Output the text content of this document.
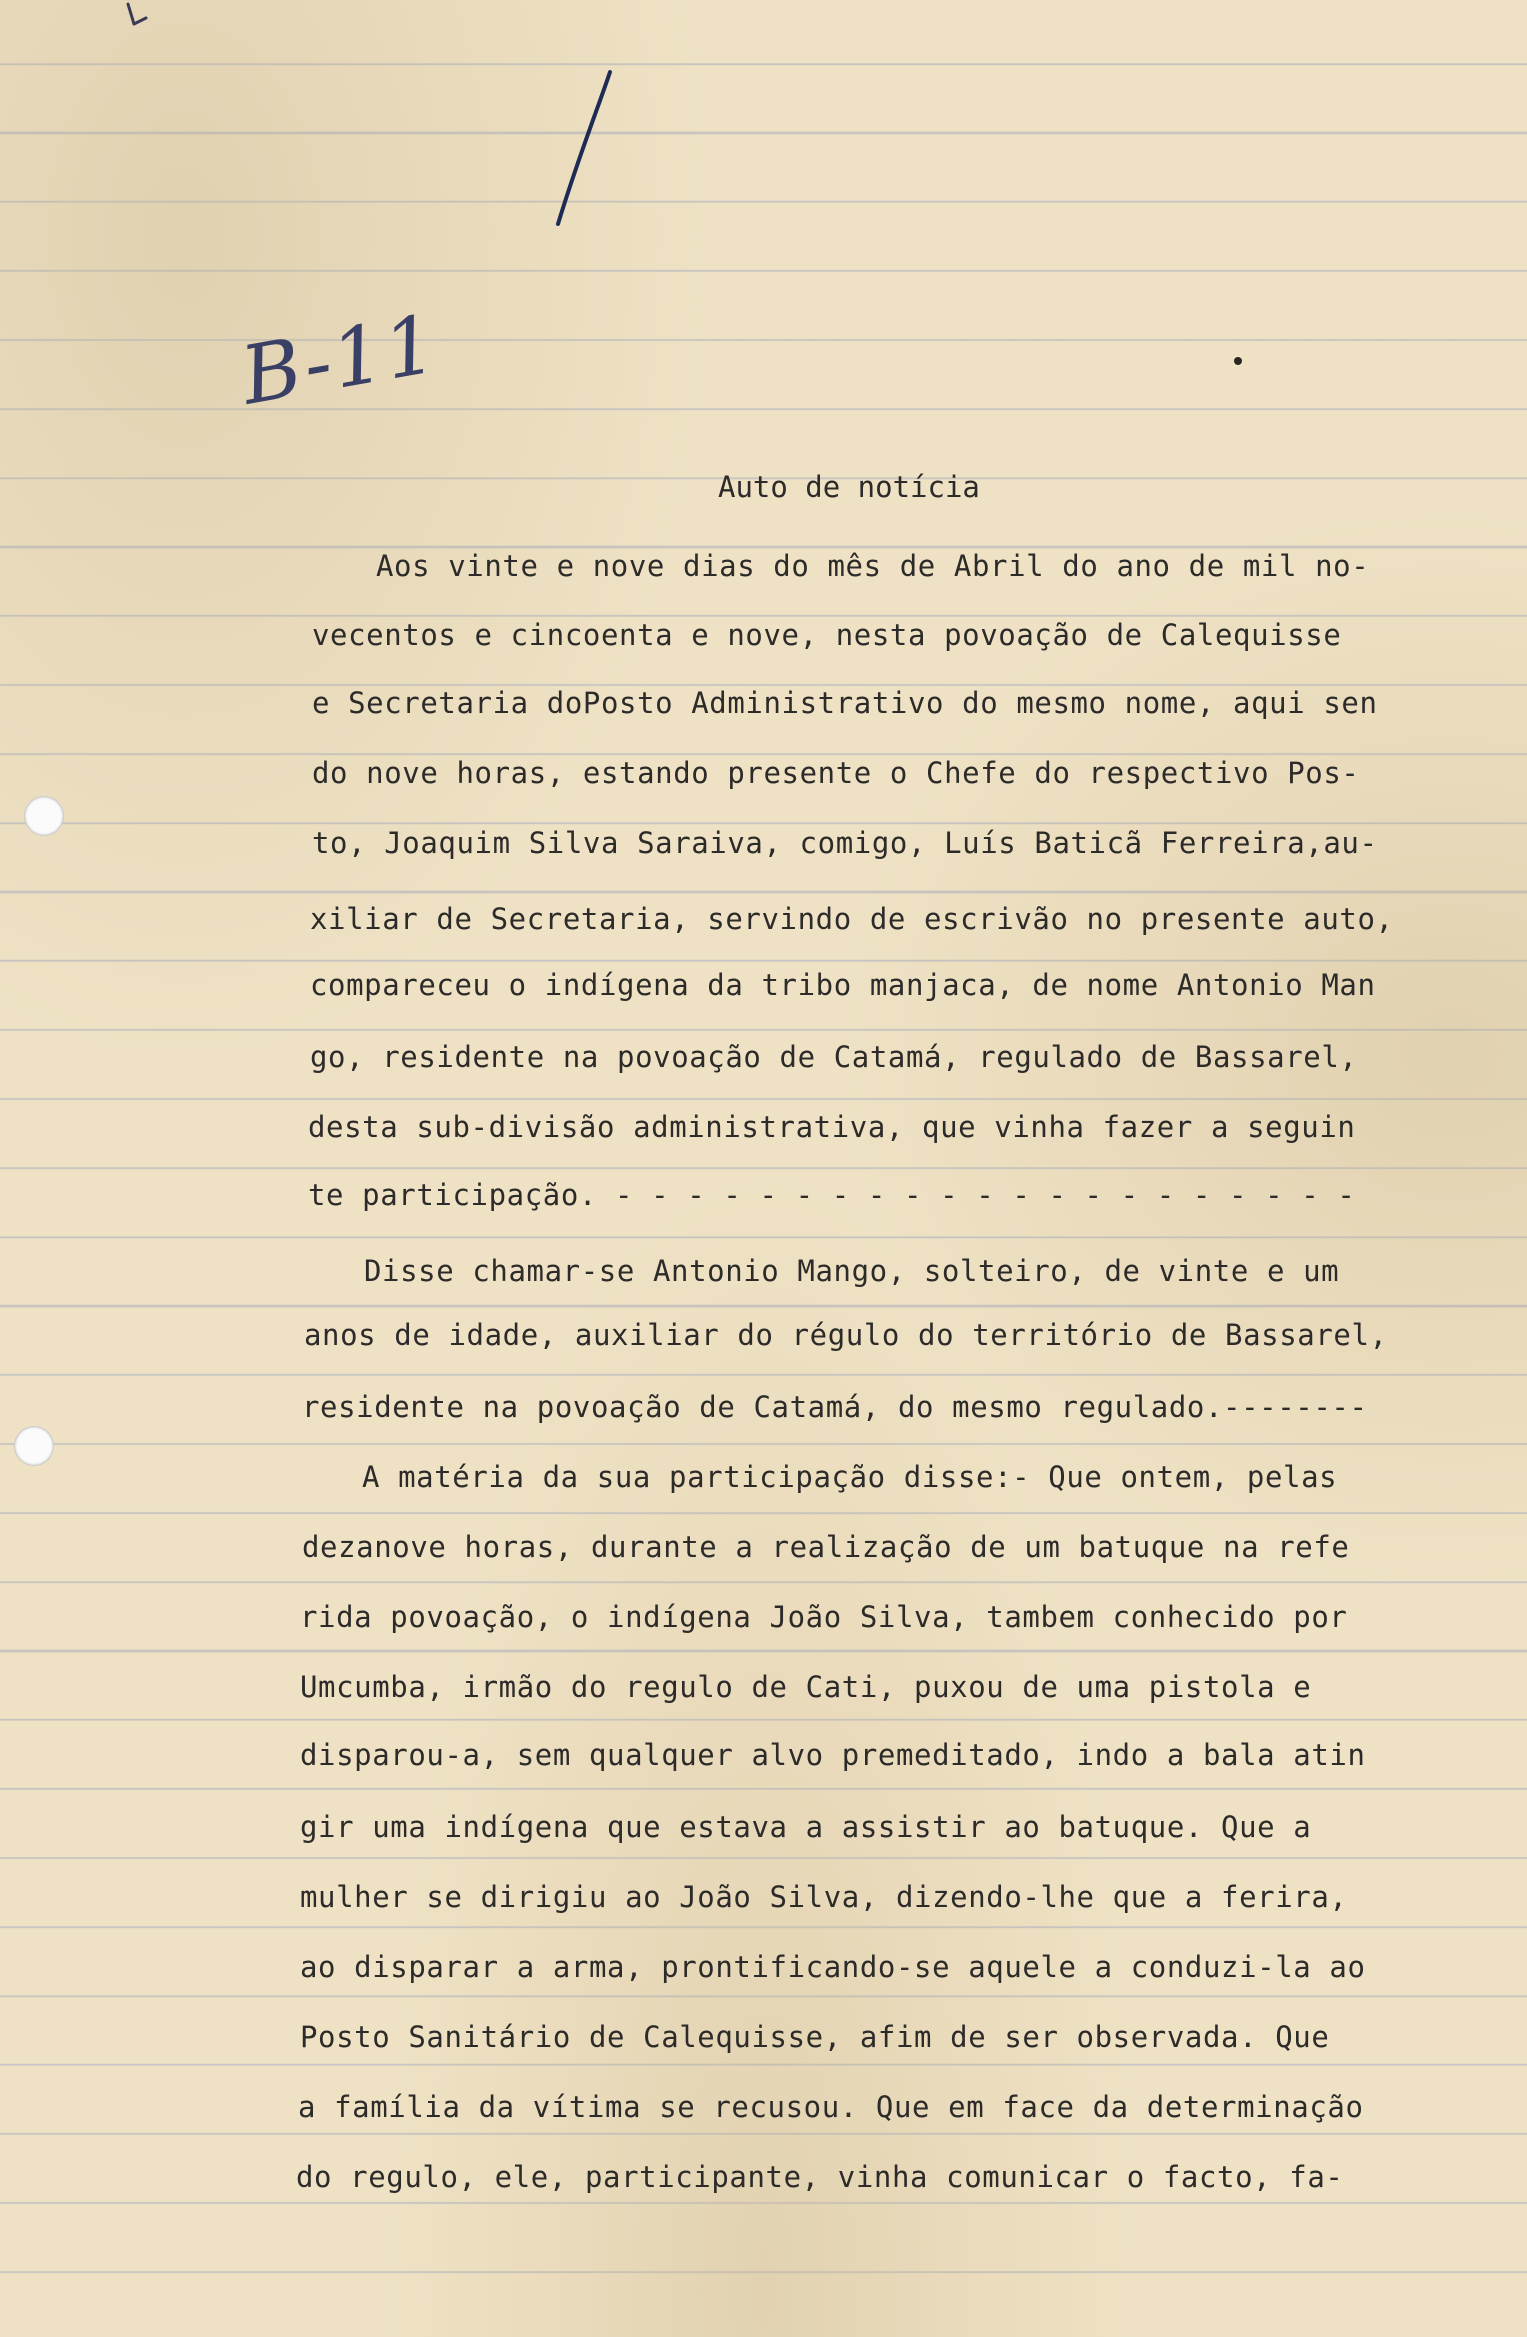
B-11
Auto de notícia
Aos vinte e nove dias do mês de Abril do ano de mil no-
vecentos e cincoenta e nove, nesta povoação de Calequisse
e Secretaria doPosto Administrativo do mesmo nome, aqui sen
do nove horas, estando presente o Chefe do respectivo Pos-
to, Joaquim Silva Saraiva, comigo, Luís Baticã Ferreira,au-
xiliar de Secretaria, servindo de escrivão no presente auto,
compareceu o indígena da tribo manjaca, de nome Antonio Man
go, residente na povoação de Catamá, regulado de Bassarel,
desta sub-divisão administrativa, que vinha fazer a seguin
te participação. - - - - - - - - - - - - - - - - - - - - -
Disse chamar-se Antonio Mango, solteiro, de vinte e um
anos de idade, auxiliar do régulo do território de Bassarel,
residente na povoação de Catamá, do mesmo regulado.--------
A matéria da sua participação disse:- Que ontem, pelas
dezanove horas, durante a realização de um batuque na refe
rida povoação, o indígena João Silva, tambem conhecido por
Umcumba, irmão do regulo de Cati, puxou de uma pistola e
disparou-a, sem qualquer alvo premeditado, indo a bala atin
gir uma indígena que estava a assistir ao batuque. Que a
mulher se dirigiu ao João Silva, dizendo-lhe que a ferira,
ao disparar a arma, prontificando-se aquele a conduzi-la ao
Posto Sanitário de Calequisse, afim de ser observada. Que
a família da vítima se recusou. Que em face da determinação
do regulo, ele, participante, vinha comunicar o facto, fa-
